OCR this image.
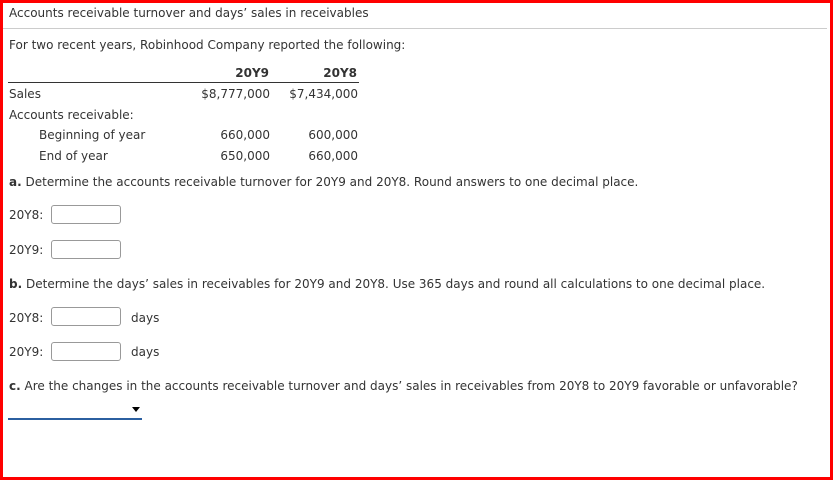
Accounts receivable turnover and days’ sales in receivables
For two recent years, Robinhood Company reported the following:
20Y9	20Y8
Sales	$8,777,000	$7,434,000
Accounts receivable:
Beginning of year	660,000	600,000
End of year	650,000	660,000
a. Determine the accounts receivable turnover for 20Y9 and 20Y8. Round answers to one decimal place.
20Y8:
20Y9:
b. Determine the days’ sales in receivables for 20Y9 and 20Y8. Use 365 days and round all calculations to one decimal place.
20Y8:	days
20Y9:	days
c. Are the changes in the accounts receivable turnover and days’ sales in receivables from 20Y8 to 20Y9 favorable or unfavorable?
